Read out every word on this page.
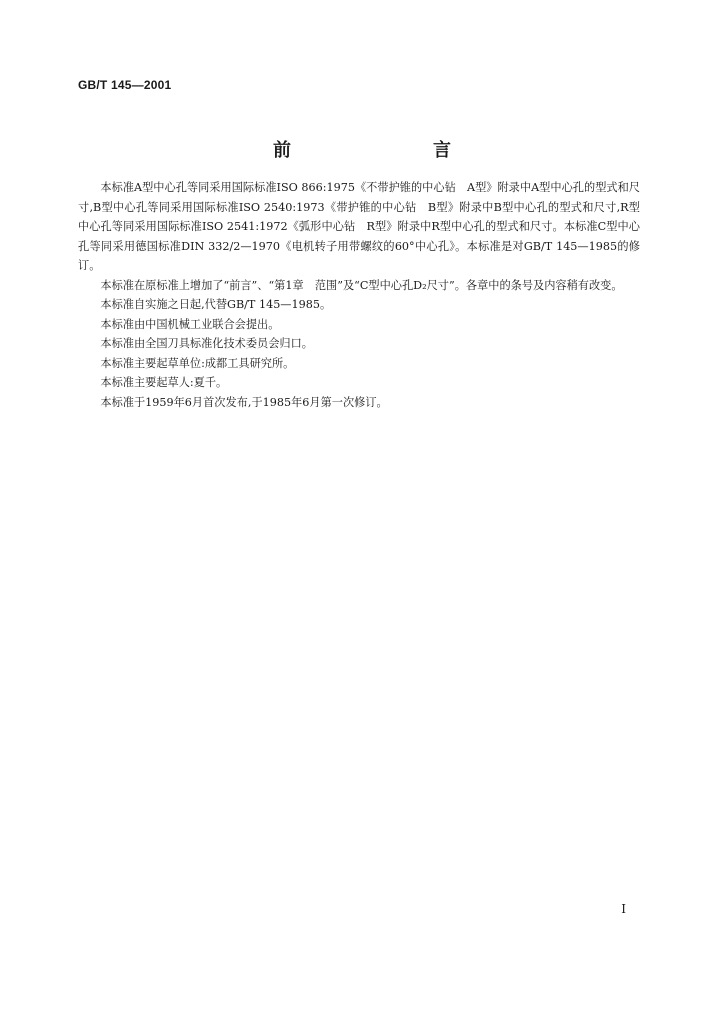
GB/T 145—2001
前　言

本标准A型中心孔等同采用国际标准ISO 866:1975《不带护锥的中心钻　A型》附录中A型中心孔的型式和尺寸,B型中心孔等同采用国际标准ISO 2540:1973《带护锥的中心钻　B型》附录中B型中心孔的型式和尺寸,R型中心孔等同采用国际标准ISO 2541:1972《弧形中心钻　R型》附录中R型中心孔的型式和尺寸。本标准C型中心孔等同采用德国标准DIN 332/2—1970《电机转子用带螺纹的60°中心孔》。本标准是对GB/T 145—1985的修订。

本标准在原标准上增加了“前言”、“第1章　范围”及“C型中心孔D₂尺寸”。各章中的条号及内容稍有改变。

本标准自实施之日起,代替GB/T 145—1985。

本标准由中国机械工业联合会提出。

本标准由全国刀具标准化技术委员会归口。

本标准主要起草单位:成都工具研究所。

本标准主要起草人:夏千。

本标准于1959年6月首次发布,于1985年6月第一次修订。

I
